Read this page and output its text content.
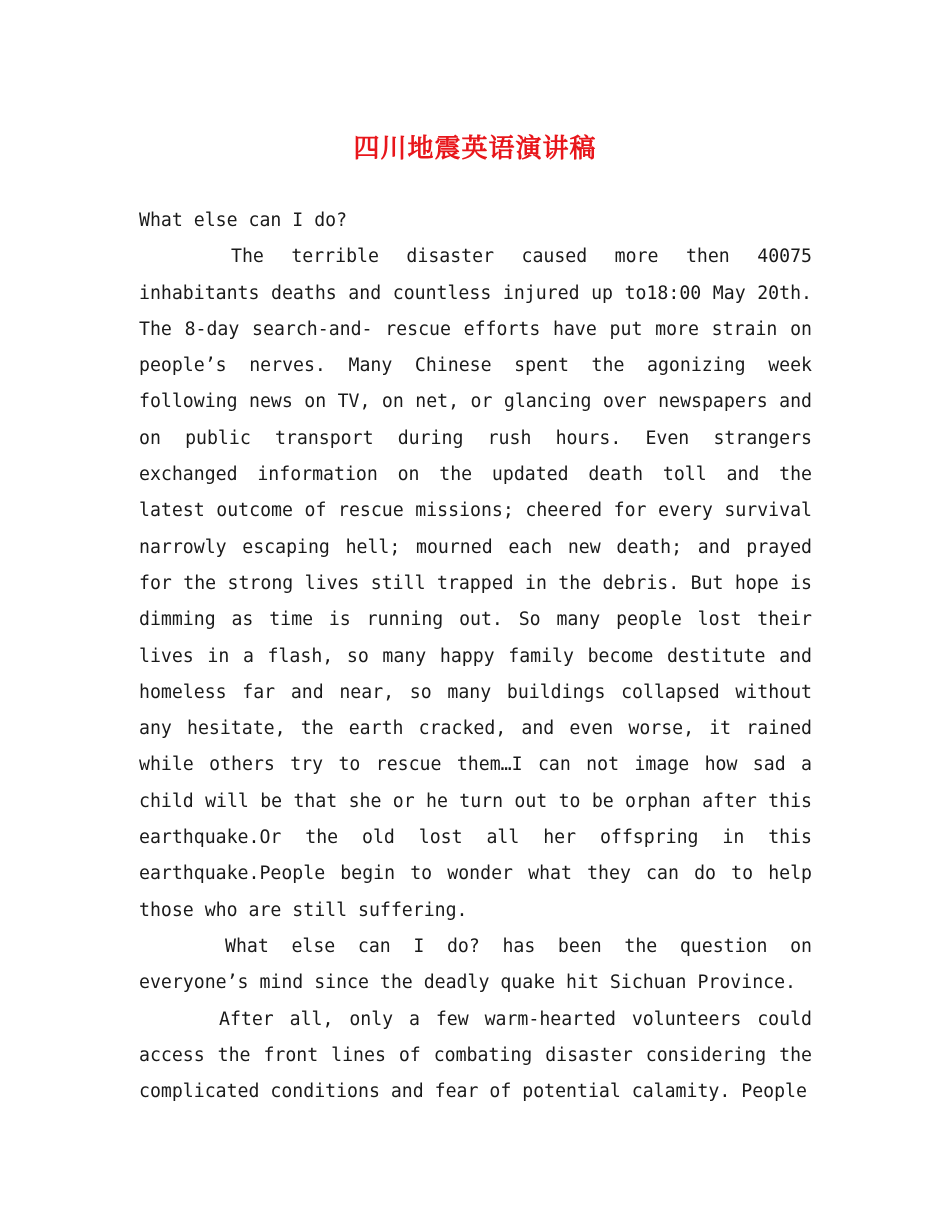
四川地震英语演讲稿

What else can I do?

The terrible disaster caused more then 40075 inhabitants deaths and countless injured up to18:00 May 20th. The 8-day search-and- rescue efforts have put more strain on people’s nerves. Many Chinese spent the agonizing week following news on TV, on net, or glancing over newspapers and on public transport during rush hours. Even strangers exchanged information on the updated death toll and the latest outcome of rescue missions; cheered for every survival narrowly escaping hell; mourned each new death; and prayed for the strong lives still trapped in the debris. But hope is dimming as time is running out. So many people lost their lives in a flash, so many happy family become destitute and homeless far and near, so many buildings collapsed without any hesitate, the earth cracked, and even worse, it rained while others try to rescue them…I can not image how sad a child will be that she or he turn out to be orphan after this earthquake.Or the old lost all her offspring in this earthquake.People begin to wonder what they can do to help those who are still suffering.

What else can I do? has been the question on everyone’s mind since the deadly quake hit Sichuan Province.

After all, only a few warm-hearted volunteers could access the front lines of combating disaster considering the complicated conditions and fear of potential calamity. People
